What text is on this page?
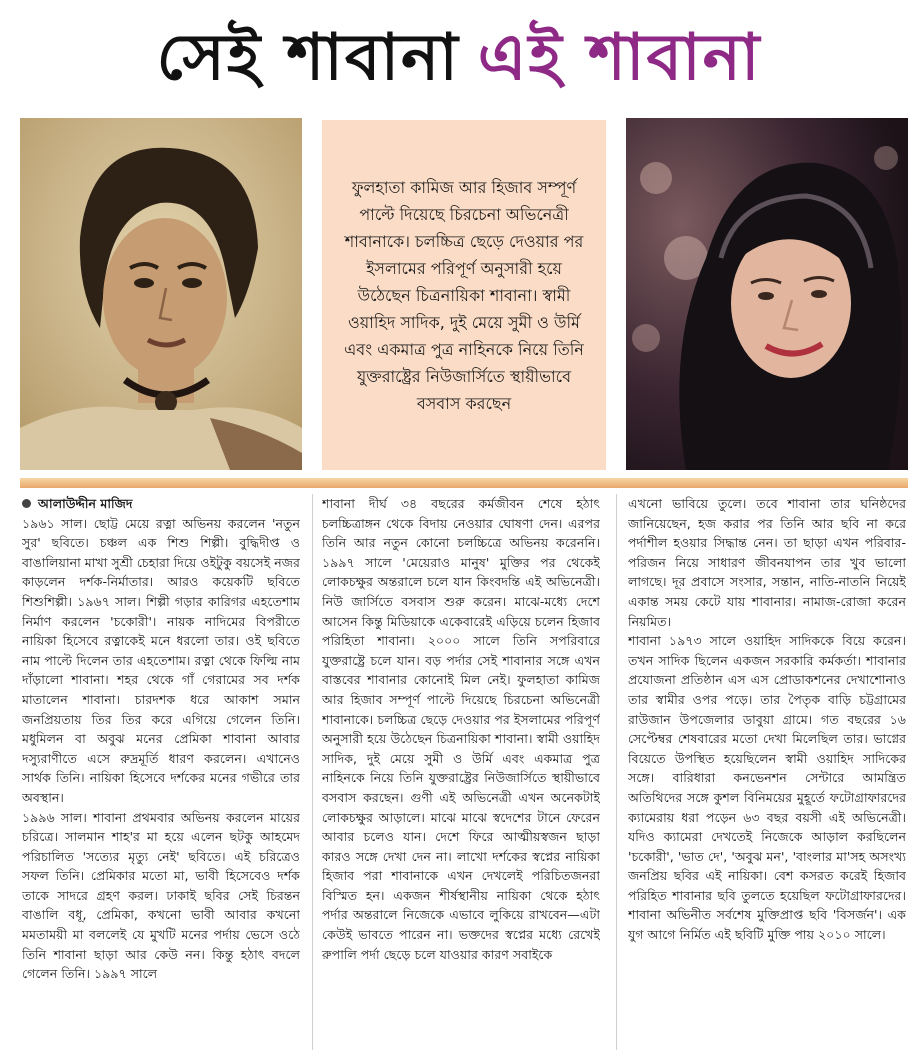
সেই শাবানা এই শাবানা
ফুলহাতা কামিজ আর হিজাব সম্পূর্ণ পাল্টে দিয়েছে চিরচেনা অভিনেত্রী শাবানাকে। চলচ্চিত্র ছেড়ে দেওয়ার পর ইসলামের পরিপূর্ণ অনুসারী হয়ে উঠেছেন চিত্রনায়িকা শাবানা। স্বামী ওয়াহিদ সাদিক, দুই মেয়ে সুমী ও উর্মি এবং একমাত্র পুত্র নাহিনকে নিয়ে তিনি যুক্তরাষ্ট্রের নিউজার্সিতে স্থায়ীভাবে বসবাস করছেন
আলাউদ্দীন মাজিদ

১৯৬১ সাল। ছোট্ট মেয়ে রত্না অভিনয় করলেন 'নতুন সুর' ছবিতে। চঞ্চল এক শিশু শিল্পী। বুদ্ধিদীপ্ত ও বাঙালিয়ানা মাখা সুশ্রী চেহারা দিয়ে ওইটুকু বয়সেই নজর কাড়লেন দর্শক-নির্মাতার। আরও কয়েকটি ছবিতে শিশুশিল্পী। ১৯৬৭ সাল। শিল্পী গড়ার কারিগর এহতেশাম নির্মাণ করলেন 'চকোরী'। নায়ক নাদিমের বিপরীতে নায়িকা হিসেবে রত্নাকেই মনে ধরলো তার। ওই ছবিতে নাম পাল্টে দিলেন তার এহতেশাম। রত্না থেকে ফিল্মি নাম দাঁড়ালো শাবানা। শহর থেকে গাঁ গেরামের সব দর্শক মাতালেন শাবানা। চারদশক ধরে আকাশ সমান জনপ্রিয়তায় তির তির করে এগিয়ে গেলেন তিনি। মধুমিলন বা অবুঝ মনের প্রেমিকা শাবানা আবার দস্যুরাণীতে এসে রুদ্রমূর্তি ধারণ করলেন। এখানেও সার্থক তিনি। নায়িকা হিসেবে দর্শকের মনের গভীরে তার অবস্থান।

১৯৯৬ সাল। শাবানা প্রথমবার অভিনয় করলেন মায়ের চরিত্রে। সালমান শাহ'র মা হয়ে এলেন ছটকু আহমেদ পরিচালিত 'সত্যের মৃত্যু নেই' ছবিতে। এই চরিত্রেও সফল তিনি। প্রেমিকার মতো মা, ভাবী হিসেবেও দর্শক তাকে সাদরে গ্রহণ করল। ঢাকাই ছবির সেই চিরন্তন বাঙালি বধূ, প্রেমিকা, কখনো ভাবী আবার কখনো মমতাময়ী মা বললেই যে মুখটি মনের পর্দায় ভেসে ওঠে তিনি শাবানা ছাড়া আর কেউ নন। কিন্তু হঠাৎ বদলে গেলেন তিনি। ১৯৯৭ সালে

শাবানা দীর্ঘ ৩৪ বছরের কর্মজীবন শেষে হঠাৎ চলচ্চিত্রাঙ্গন থেকে বিদায় নেওয়ার ঘোষণা দেন। এরপর তিনি আর নতুন কোনো চলচ্চিত্রে অভিনয় করেননি। ১৯৯৭ সালে 'মেয়েরাও মানুষ' মুক্তির পর থেকেই লোকচক্ষুর অন্তরালে চলে যান কিংবদন্তি এই অভিনেত্রী। নিউ জার্সিতে বসবাস শুরু করেন। মাঝে-মধ্যে দেশে আসেন কিন্তু মিডিয়াকে একেবারেই এড়িয়ে চলেন হিজাব পরিহিতা শাবানা। ২০০০ সালে তিনি সপরিবারে যুক্তরাষ্ট্রে চলে যান। বড় পর্দার সেই শাবানার সঙ্গে এখন বাস্তবের শাবানার কোনোই মিল নেই। ফুলহাতা কামিজ আর হিজাব সম্পূর্ণ পাল্টে দিয়েছে চিরচেনা অভিনেত্রী শাবানাকে। চলচ্চিত্র ছেড়ে দেওয়ার পর ইসলামের পরিপূর্ণ অনুসারী হয়ে উঠেছেন চিত্রনায়িকা শাবানা। স্বামী ওয়াহিদ সাদিক, দুই মেয়ে সুমী ও উর্মি এবং একমাত্র পুত্র নাহিনকে নিয়ে তিনি যুক্তরাষ্ট্রের নিউজার্সিতে স্থায়ীভাবে বসবাস করছেন। গুণী এই অভিনেত্রী এখন অনেকটাই লোকচক্ষুর আড়ালে। মাঝে মাঝে স্বদেশের টানে ফেরেন আবার চলেও যান। দেশে ফিরে আত্মীয়স্বজন ছাড়া কারও সঙ্গে দেখা দেন না। লাখো দর্শকের স্বপ্নের নায়িকা হিজাব পরা শাবানাকে এখন দেখলেই পরিচিতজনরা বিস্মিত হন। একজন শীর্ষস্থানীয় নায়িকা থেকে হঠাৎ পর্দার অন্তরালে নিজেকে এভাবে লুকিয়ে রাখবেন—এটা কেউই ভাবতে পারেন না। ভক্তদের স্বপ্নের মধ্যে রেখেই রুপালি পর্দা ছেড়ে চলে যাওয়ার কারণ সবাইকে

এখনো ভাবিয়ে তুলে। তবে শাবানা তার ঘনিষ্ঠদের জানিয়েছেন, হজ করার পর তিনি আর ছবি না করে পর্দাশীল হওয়ার সিদ্ধান্ত নেন। তা ছাড়া এখন পরিবার-পরিজন নিয়ে সাধারণ জীবনযাপন তার খুব ভালো লাগছে। দূর প্রবাসে সংসার, সন্তান, নাতি-নাতনি নিয়েই একান্ত সময় কেটে যায় শাবানার। নামাজ-রোজা করেন নিয়মিত।

শাবানা ১৯৭৩ সালে ওয়াহিদ সাদিককে বিয়ে করেন। তখন সাদিক ছিলেন একজন সরকারি কর্মকর্তা। শাবানার প্রযোজনা প্রতিষ্ঠান এস এস প্রোডাকশনের দেখাশোনাও তার স্বামীর ওপর পড়ে। তার পৈতৃক বাড়ি চট্টগ্রামের রাউজান উপজেলার ডাবুয়া গ্রামে। গত বছরের ১৬ সেপ্টেম্বর শেষবারের মতো দেখা মিলেছিল তার। ভাগ্নের বিয়েতে উপস্থিত হয়েছিলেন স্বামী ওয়াহিদ সাদিকের সঙ্গে। বারিধারা কনভেনশন সেন্টারে আমন্ত্রিত অতিথিদের সঙ্গে কুশল বিনিময়ের মুহূর্তে ফটোগ্রাফারদের ক্যামেরায় ধরা পড়েন ৬৩ বছর বয়সী এই অভিনেত্রী। যদিও ক্যামেরা দেখতেই নিজেকে আড়াল করছিলেন 'চকোরী', 'ভাত দে', 'অবুঝ মন', 'বাংলার মা'সহ অসংখ্য জনপ্রিয় ছবির এই নায়িকা। বেশ কসরত করেই হিজাব পরিহিত শাবানার ছবি তুলতে হয়েছিল ফটোগ্রাফারদের। শাবানা অভিনীত সর্বশেষ মুক্তিপ্রাপ্ত ছবি 'বিসর্জন'। এক যুগ আগে নির্মিত এই ছবিটি মুক্তি পায় ২০১০ সালে।
